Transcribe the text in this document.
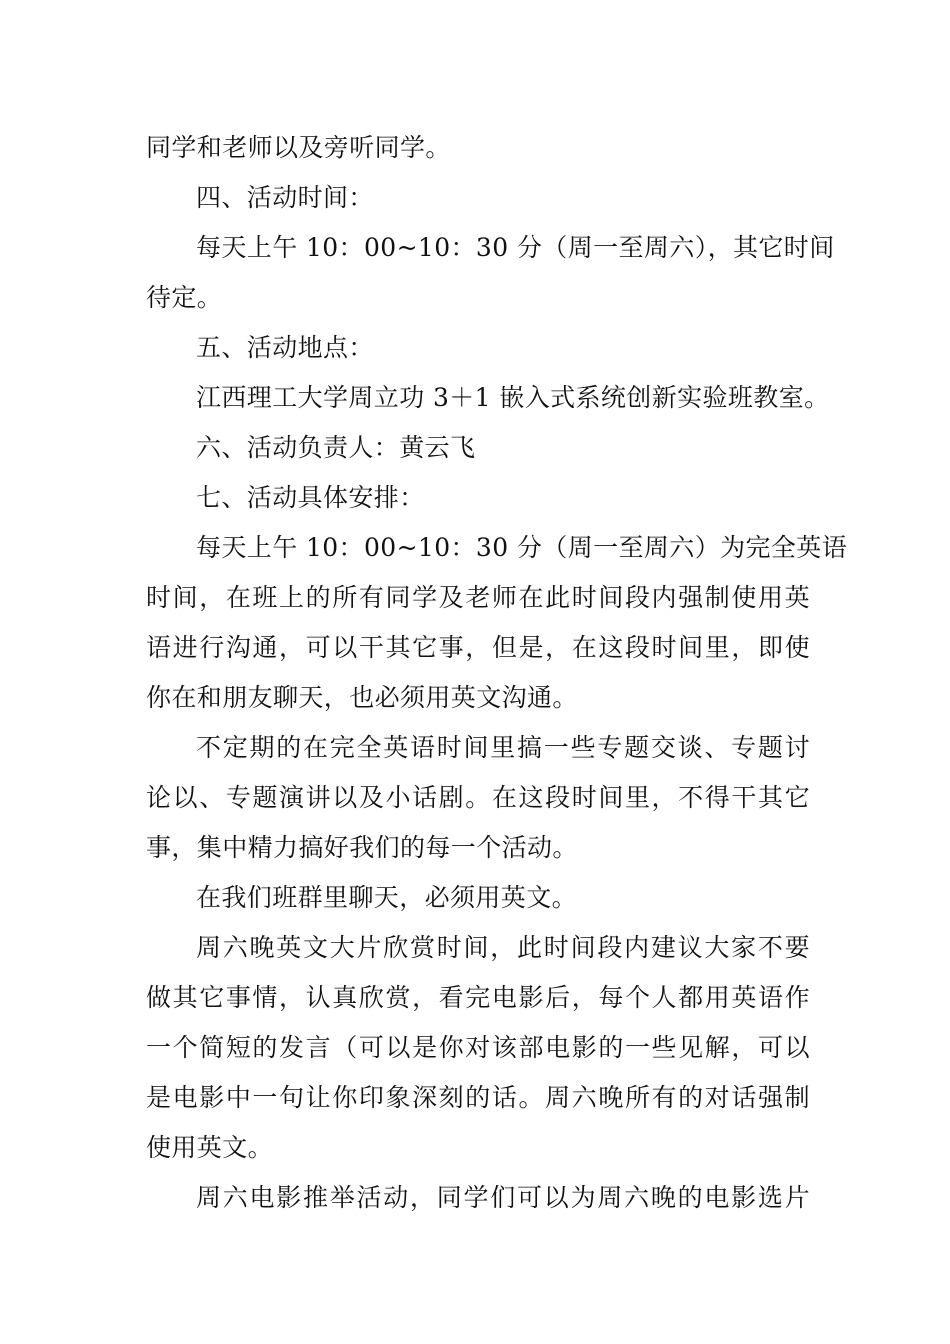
同学和老师以及旁听同学。
四、活动时间：
每天上午 10：00~10：30 分（周一至周六），其它时间
待定。
五、活动地点：
江西理工大学周立功 3＋1 嵌入式系统创新实验班教室。
六、活动负责人：黄云飞
七、活动具体安排：
每天上午 10：00~10：30 分（周一至周六）为完全英语
时间，在班上的所有同学及老师在此时间段内强制使用英
语进行沟通，可以干其它事，但是，在这段时间里，即使
你在和朋友聊天，也必须用英文沟通。
不定期的在完全英语时间里搞一些专题交谈、专题讨
论以、专题演讲以及小话剧。在这段时间里，不得干其它
事，集中精力搞好我们的每一个活动。
在我们班群里聊天，必须用英文。
周六晚英文大片欣赏时间，此时间段内建议大家不要
做其它事情，认真欣赏，看完电影后，每个人都用英语作
一个简短的发言（可以是你对该部电影的一些见解，可以
是电影中一句让你印象深刻的话。周六晚所有的对话强制
使用英文。
周六电影推举活动，同学们可以为周六晚的电影选片
